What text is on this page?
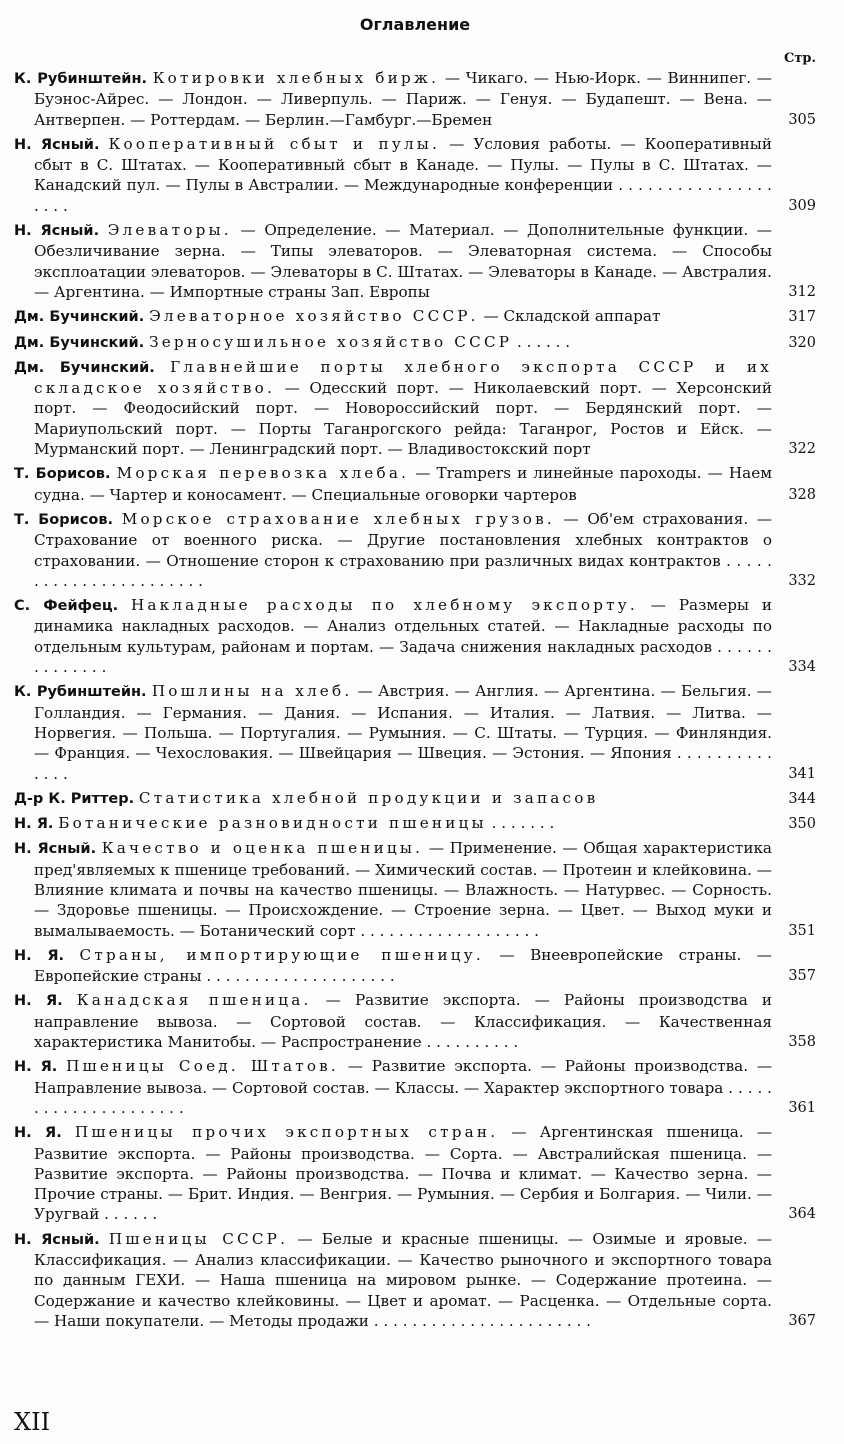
Оглавление
Стр.
К. Рубинштейн. Котировки хлебных бирж. — Чикаго. — Нью-Иорк. — Виннипег. — Буэнос-Айрес. — Лондон. — Ливерпуль. — Париж. — Генуя. — Будапешт. — Вена. — Антверпен. — Роттердам. — Берлин.—Гамбург.—Бремен	305
Н. Ясный. Кооперативный сбыт и пулы. — Условия работы. — Кооперативный сбыт в С. Штатах. — Кооперативный сбыт в Канаде. — Пулы. — Пулы в С. Штатах. — Канадский пул. — Пулы в Австралии. — Международные конференции . . . . . . . . . . . . . . . . . . . .	309
Н. Ясный. Элеваторы. — Определение. — Материал. — Дополнительные функции. — Обезличивание зерна. — Типы элеваторов. — Элеваторная система. — Способы эксплоатации элеваторов. — Элеваторы в С. Штатах. — Элеваторы в Канаде. — Австралия. — Аргентина. — Импортные страны Зап. Европы	312
Дм. Бучинский. Элеваторное хозяйство СССР. — Складской аппарат	317
Дм. Бучинский. Зерносушильное хозяйство СССР . . . . . .	320
Дм. Бучинский. Главнейшие порты хлебного экспорта СССР и их складское хозяйство. — Одесский порт. — Николаевский порт. — Херсонский порт. — Феодосийский порт. — Новороссийский порт. — Бердянский порт. —Мариупольский порт. — Порты Таганрогского рейда: Таганрог, Ростов и Ейск. — Мурманский порт. — Ленинградский порт. — Владивостокский порт	322
Т. Борисов. Морская перевозка хлеба. — Trampers и линейные пароходы. — Наем судна. — Чартер и коносамент. — Специальные оговорки чартеров	328
Т. Борисов. Морское страхование хлебных грузов. — Об'ем страхования. — Страхование от военного риска. — Другие постановления хлебных контрактов о страховании. — Отношение сторон к страхованию при различных видах контрактов . . . . . . . . . . . . . . . . . . . . . . .	332
С. Фейфец. Накладные расходы по хлебному экспорту. — Размеры и динамика накладных расходов. — Анализ отдельных статей. — Накладные расходы по отдельным культурам, районам и портам. — Задача снижения накладных расходов . . . . . . . . . . . . . .	334
К. Рубинштейн. Пошлины на хлеб. — Австрия. — Англия. — Аргентина. — Бельгия. — Голландия. — Германия. — Дания. — Испания. — Италия. — Латвия. — Литва. — Норвегия. — Польша. — Португалия. — Румыния. — С. Штаты. — Турция. — Финляндия. — Франция. — Чехословакия. — Швейцария — Швеция. — Эстония. — Япония . . . . . . . . . . . . . .	341
Д-р К. Риттер. Статистика хлебной продукции и запасов	344
Н. Я. Ботанические разновидности пшеницы . . . . . . .	350
Н. Ясный. Качество и оценка пшеницы. — Применение. — Общая характеристика пред'являемых к пшенице требований. — Химический состав. — Протеин и клейковина. — Влияние климата и почвы на качество пшеницы. — Влажность. — Натурвес. — Сорность. — Здоровье пшеницы. — Происхождение. — Строение зерна. — Цвет. — Выход муки и вымалываемость. — Ботанический сорт . . . . . . . . . . . . . . . . . . .	351
Н. Я. Страны, импортирующие пшеницу. — Внеевропейские страны. — Европейские страны . . . . . . . . . . . . . . . . . . . .	357
Н. Я. Канадская пшеница. — Развитие экспорта. — Районы производства и направление вывоза. — Сортовой состав. — Классификация. — Качественная характеристика Манитобы. — Распространение . . . . . . . . . .	358
Н. Я. Пшеницы Соед. Штатов. — Развитие экспорта. — Районы производства. — Направление вывоза. — Сортовой состав. — Классы. — Характер экспортного товара . . . . . . . . . . . . . . . . . . . . .	361
Н. Я. Пшеницы прочих экспортных стран. — Аргентинская пшеница. — Развитие экспорта. — Районы производства. — Сорта. — Австралийская пшеница. — Развитие экспорта. — Районы производства. — Почва и климат. — Качество зерна. — Прочие страны. — Брит. Индия. — Венгрия. — Румыния. — Сербия и Болгария. — Чили. — Уругвай . . . . . .	364
Н. Ясный. Пшеницы СССР. — Белые и красные пшеницы. — Озимые и яровые. — Классификация. — Анализ классификации. — Качество рыночного и экспортного товара по данным ГЕХИ. — Наша пшеница на мировом рынке. — Содержание протеина. — Содержание и качество клейковины. — Цвет и аромат. — Расценка. — Отдельные сорта. — Наши покупатели. — Методы продажи . . . . . . . . . . . . . . . . . . . . . . .	367
XII
